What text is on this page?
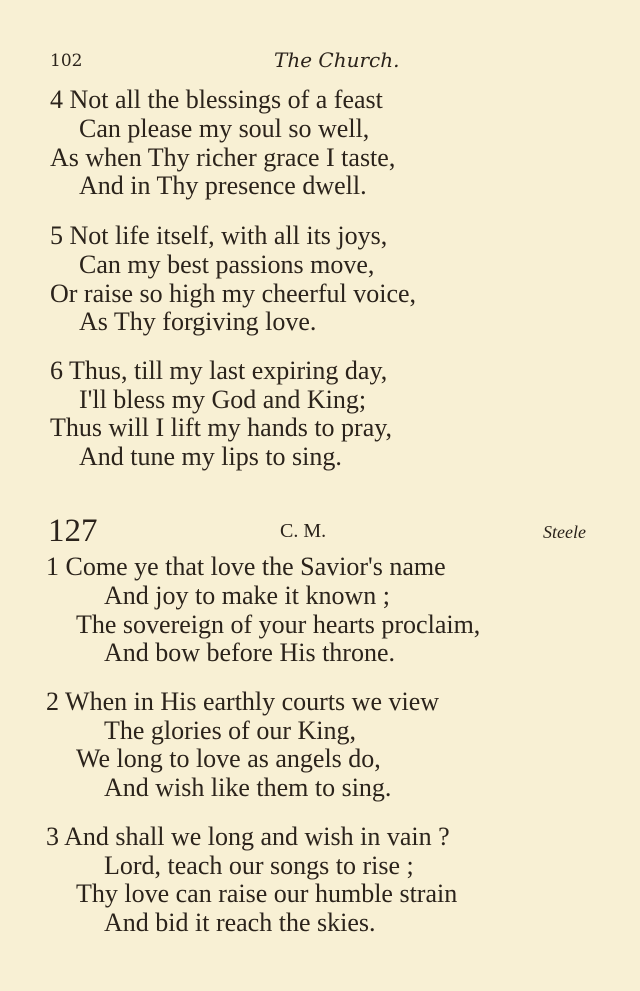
102	The Church.
4 Not all the blessings of a feast
Can please my soul so well,
As when Thy richer grace I taste,
And in Thy presence dwell.
5 Not life itself, with all its joys,
Can my best passions move,
Or raise so high my cheerful voice,
As Thy forgiving love.
6 Thus, till my last expiring day,
I'll bless my God and King;
Thus will I lift my hands to pray,
And tune my lips to sing.
127	C. M.	Steele
1 Come ye that love the Savior's name
And joy to make it known ;
The sovereign of your hearts proclaim,
And bow before His throne.
2 When in His earthly courts we view
The glories of our King,
We long to love as angels do,
And wish like them to sing.
3 And shall we long and wish in vain ?
Lord, teach our songs to rise ;
Thy love can raise our humble strain
And bid it reach the skies.
